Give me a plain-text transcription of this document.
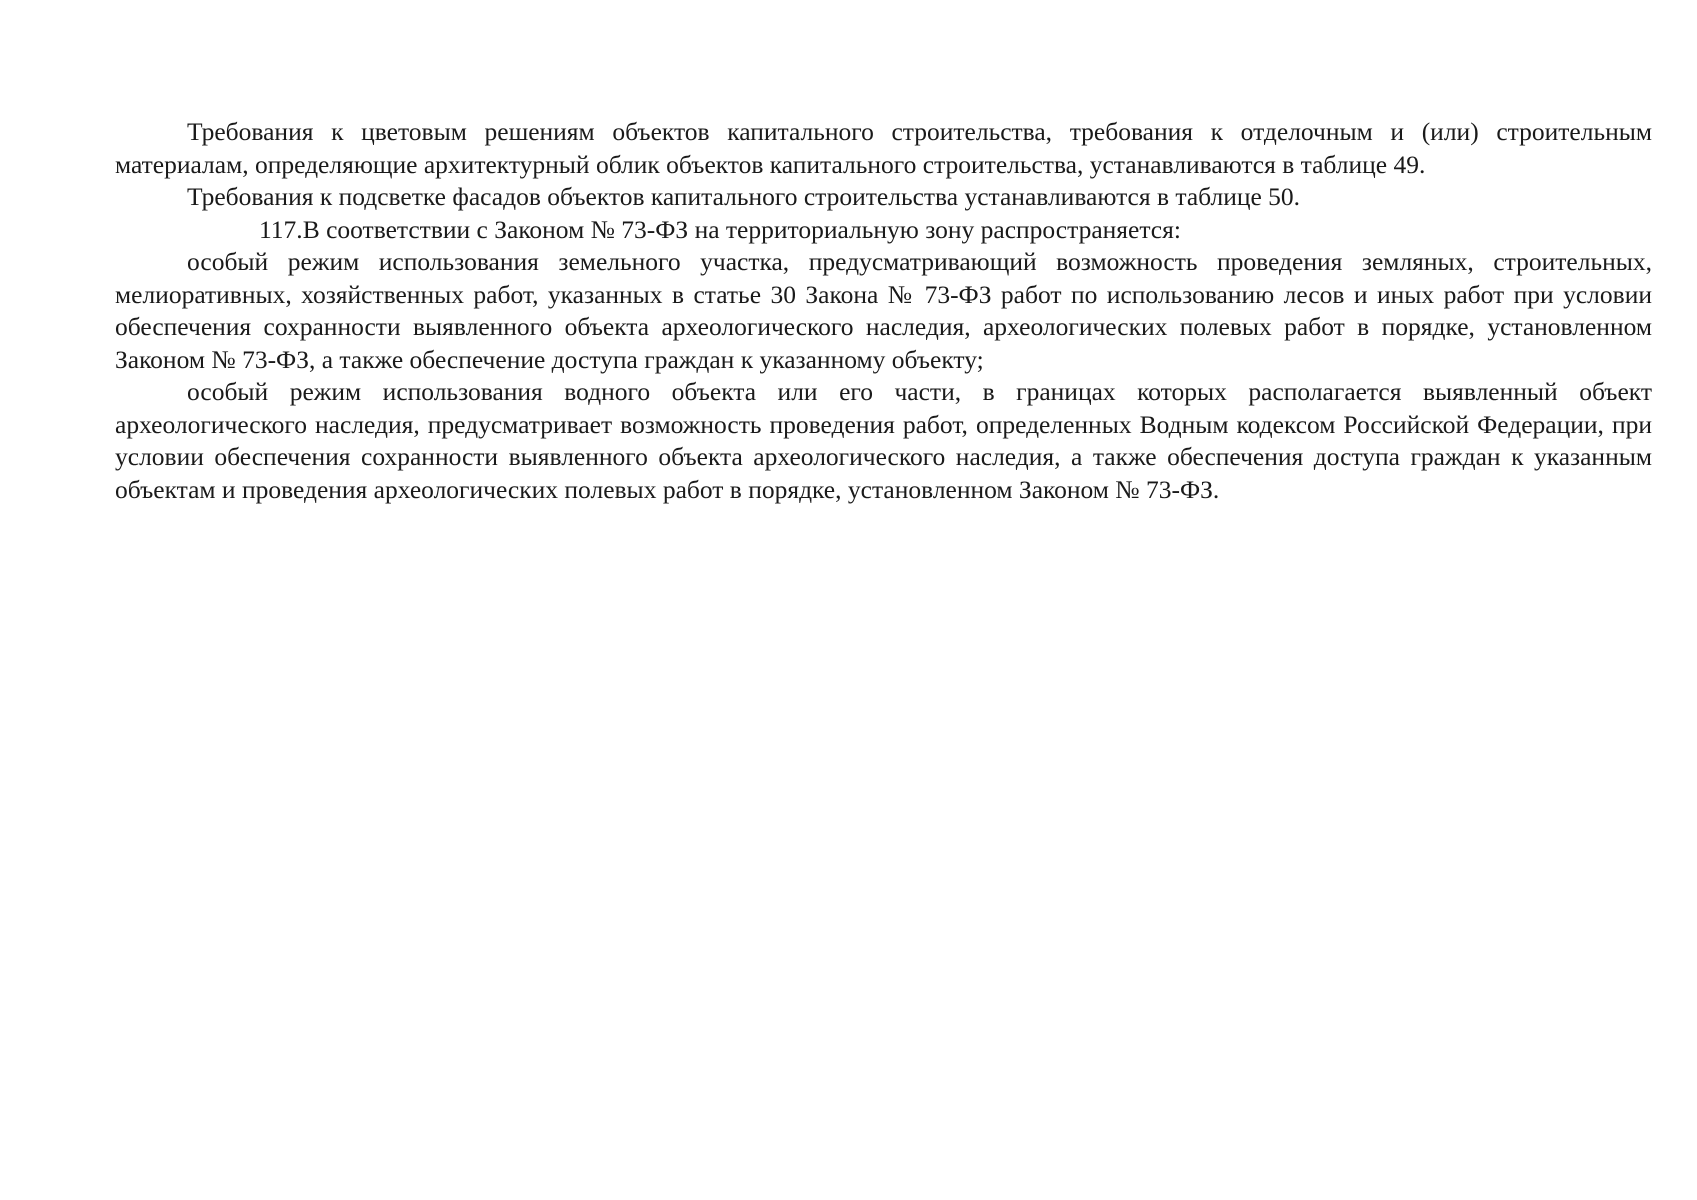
Требования к цветовым решениям объектов капитального строительства, требования к отделочным и (или) строительным материалам, определяющие архитектурный облик объектов капитального строительства, устанавливаются в таблице 49.

Требования к подсветке фасадов объектов капитального строительства устанавливаются в таблице 50.

117.В соответствии с Законом № 73-ФЗ на территориальную зону распространяется:

особый режим использования земельного участка, предусматривающий возможность проведения земляных, строительных, мелиоративных, хозяйственных работ, указанных в статье 30 Закона № 73-ФЗ работ по использованию лесов и иных работ при условии обеспечения сохранности выявленного объекта археологического наследия, археологических полевых работ в порядке, установленном Законом № 73-ФЗ, а также обеспечение доступа граждан к указанному объекту;

особый режим использования водного объекта или его части, в границах которых располагается выявленный объект археологического наследия, предусматривает возможность проведения работ, определенных Водным кодексом Российской Федерации, при условии обеспечения сохранности выявленного объекта археологического наследия, а также обеспечения доступа граждан к указанным объектам и проведения археологических полевых работ в порядке, установленном Законом № 73-ФЗ.
